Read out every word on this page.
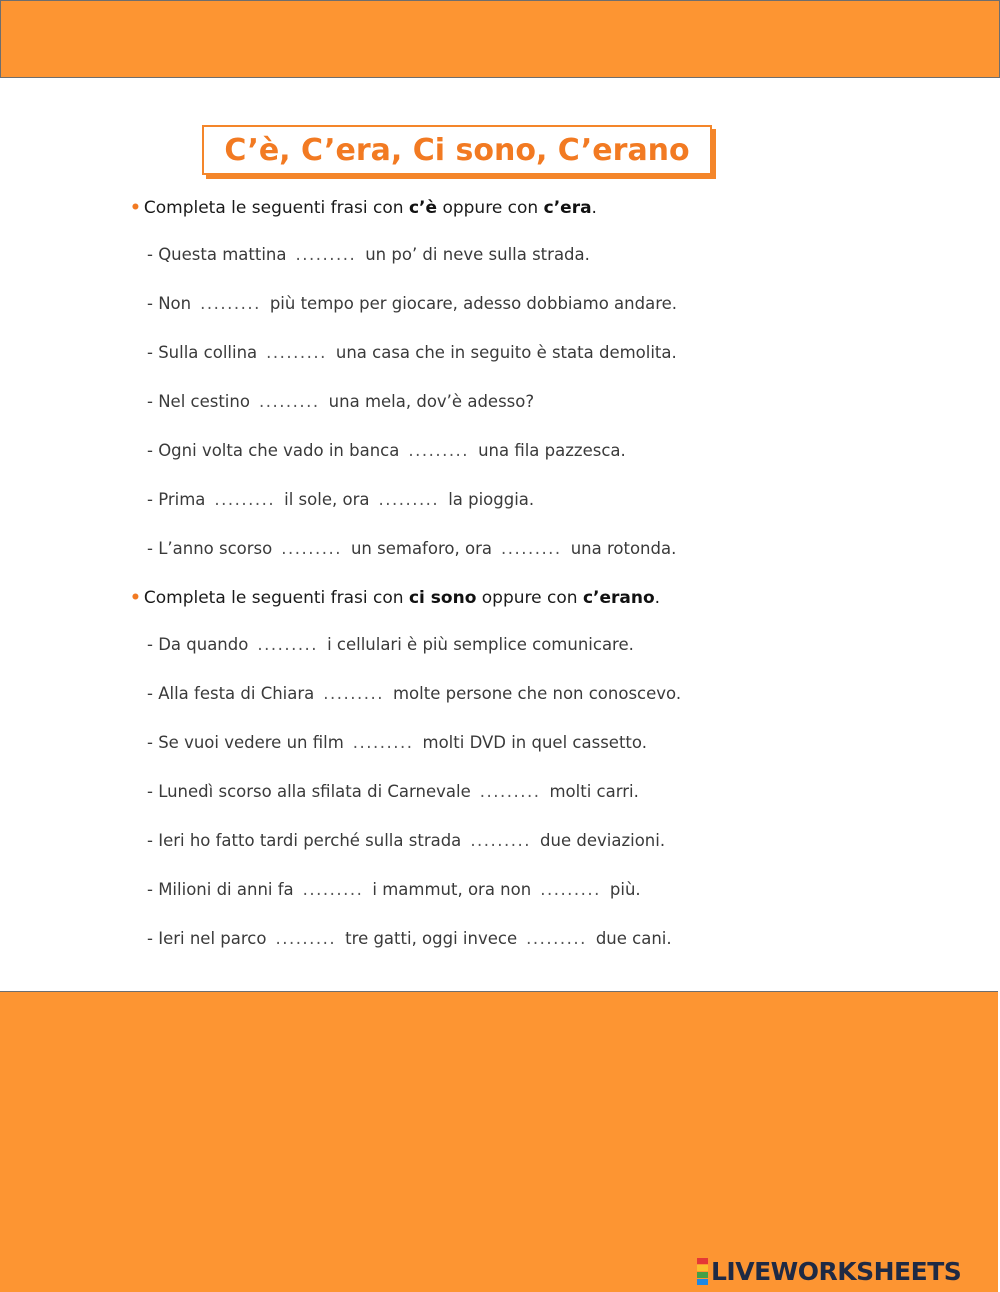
C’è, C’era, Ci sono, C’erano
• Completa le seguenti frasi con c’è oppure con c’era.
- Questa mattina ......... un po’ di neve sulla strada.
- Non ......... più tempo per giocare, adesso dobbiamo andare.
- Sulla collina ......... una casa che in seguito è stata demolita.
- Nel cestino ......... una mela, dov’è adesso?
- Ogni volta che vado in banca ......... una fila pazzesca.
- Prima ......... il sole, ora ......... la pioggia.
- L’anno scorso ......... un semaforo, ora ......... una rotonda.
• Completa le seguenti frasi con ci sono oppure con c’erano.
- Da quando ......... i cellulari è più semplice comunicare.
- Alla festa di Chiara ......... molte persone che non conoscevo.
- Se vuoi vedere un film ......... molti DVD in quel cassetto.
- Lunedì scorso alla sfilata di Carnevale ......... molti carri.
- Ieri ho fatto tardi perché sulla strada ......... due deviazioni.
- Milioni di anni fa ......... i mammut, ora non ......... più.
- Ieri nel parco ......... tre gatti, oggi invece ......... due cani.
LIVEWORKSHEETS
